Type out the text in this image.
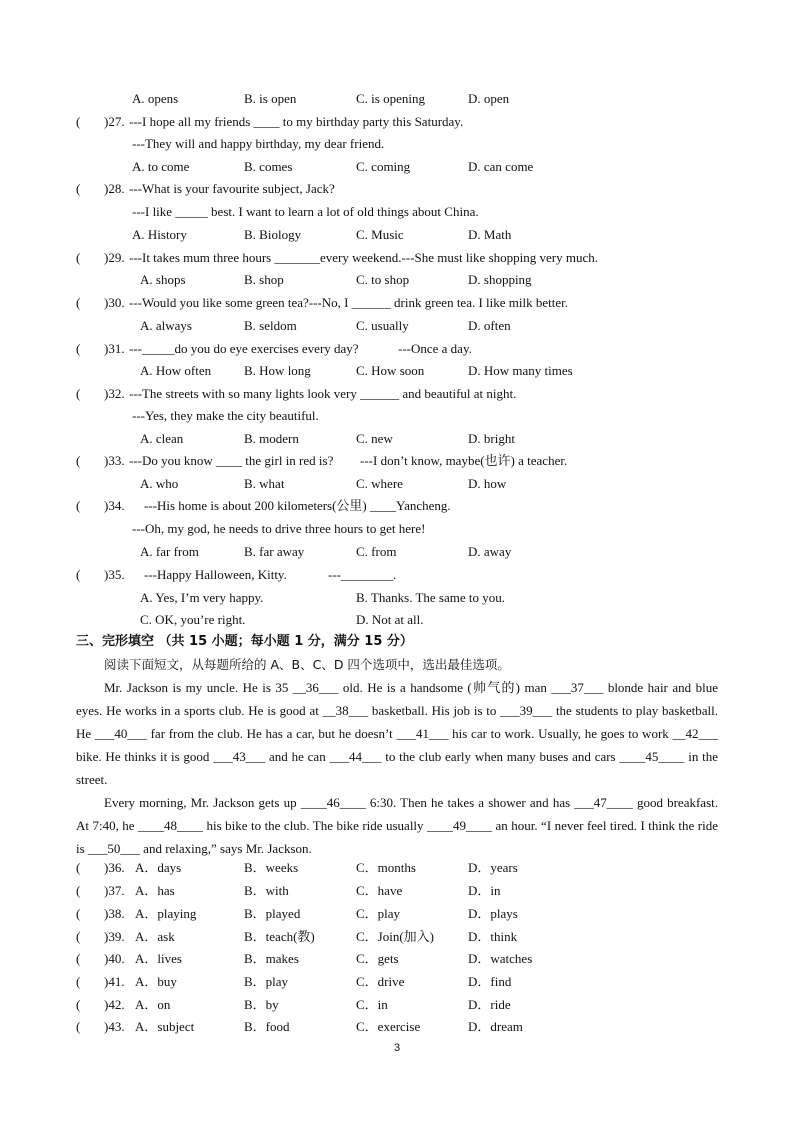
A. opens	B. is open	C. is opening	D. open
( )27. ---I hope all my friends ____ to my birthday party this Saturday.
---They will and happy birthday, my dear friend.
A. to come	B. comes	C. coming	D. can come
( )28. ---What is your favourite subject, Jack?
---I like _____ best. I want to learn a lot of old things about China.
A. History	B. Biology	C. Music	D. Math
( )29. ---It takes mum three hours _______every weekend.---She must like shopping very much.
A. shops	B. shop	C. to shop	D. shopping
( )30. ---Would you like some green tea?---No, I ______ drink green tea. I like milk better.
A. always	B. seldom	C. usually	D. often
( )31. ---_____do you do eye exercises every day?	---Once a day.
A. How often	B. How long	C. How soon	D. How many times
( )32. ---The streets with so many lights look very ______ and beautiful at night.
---Yes, they make the city beautiful.
A. clean	B. modern	C. new	D. bright
( )33. ---Do you know ____ the girl in red is? ---I don’t know, maybe(也许) a teacher.
A. who	B. what	C. where	D. how
( )34. ---His home is about 200 kilometers(公里) ____Yancheng.
---Oh, my god, he needs to drive three hours to get here!
A. far from	B. far away	C. from	D. away
( )35. ---Happy Halloween, Kitty.	---________.
A. Yes, I’m very happy.	B. Thanks. The same to you.
C. OK, you’re right.	D. Not at all.
三、完形填空 （共 15 小题；每小题 1 分，满分 15 分）
阅读下面短文，从每题所给的 A、B、C、D 四个选项中，选出最佳选项。

Mr. Jackson is my uncle. He is 35 __36___ old. He is a handsome (帅气的) man ___37___ blonde hair and blue eyes. He works in a sports club. He is good at __38___ basketball. His job is to ___39___ the students to play basketball. He ___40___ far from the club. He has a car, but he doesn’t ___41___ his car to work. Usually, he goes to work __42___ bike. He thinks it is good ___43___ and he can ___44___ to the club early when many buses and cars ____45____ in the street.

Every morning, Mr. Jackson gets up ____46____ 6:30. Then he takes a shower and has ___47____ good breakfast. At 7:40, he ____48____ his bike to the club. The bike ride usually ____49____ an hour. “I never feel tired. I think the ride is ___50___ and relaxing,” says Mr. Jackson.

( )36. A．days	B．weeks	C．months	D．years
( )37. A．has	B．with	C．have	D．in
( )38. A．playing	B．played	C．play	D．plays
( )39. A．ask	B．teach(教)	C．Join(加入)	D．think
( )40. A．lives	B．makes	C．gets	D．watches
( )41. A．buy	B．play	C．drive	D．find
( )42. A．on	B．by	C．in	D．ride
( )43. A．subject	B．food	C．exercise	D．dream
3
